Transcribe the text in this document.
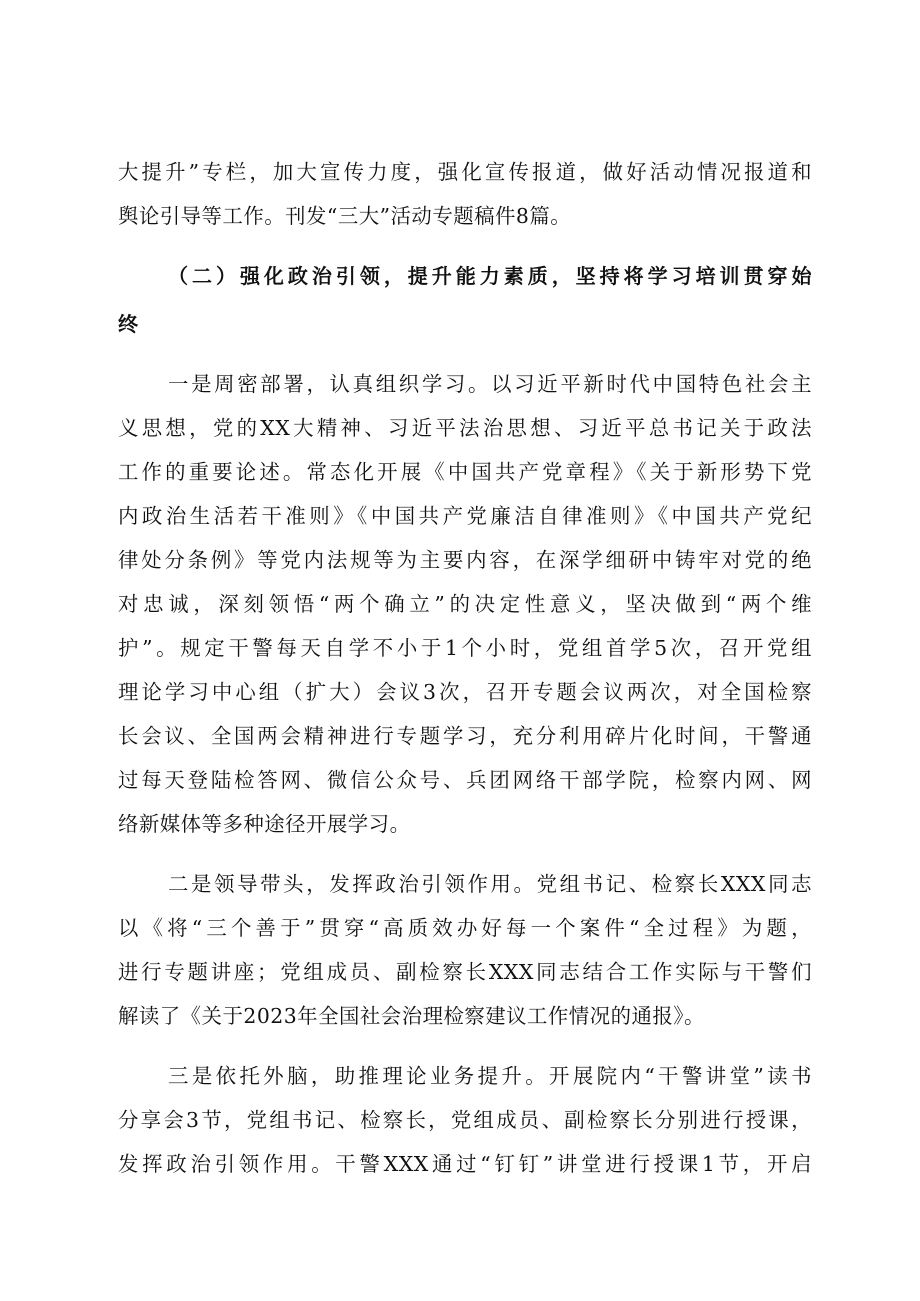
大提升”专栏，加大宣传力度，强化宣传报道，做好活动情况报道和
舆论引导等工作。刊发“三大”活动专题稿件8篇。
（二）强化政治引领，提升能力素质，坚持将学习培训贯穿始
终
一是周密部署，认真组织学习。以习近平新时代中国特色社会主
义思想，党的XX大精神、习近平法治思想、习近平总书记关于政法
工作的重要论述。常态化开展《中国共产党章程》《关于新形势下党
内政治生活若干准则》《中国共产党廉洁自律准则》《中国共产党纪
律处分条例》等党内法规等为主要内容，在深学细研中铸牢对党的绝
对忠诚，深刻领悟“两个确立”的决定性意义，坚决做到“两个维
护”。规定干警每天自学不小于1个小时，党组首学5次，召开党组
理论学习中心组（扩大）会议3次，召开专题会议两次，对全国检察
长会议、全国两会精神进行专题学习，充分利用碎片化时间，干警通
过每天登陆检答网、微信公众号、兵团网络干部学院，检察内网、网
络新媒体等多种途径开展学习。
二是领导带头，发挥政治引领作用。党组书记、检察长XXX同志
以《将“三个善于”贯穿“高质效办好每一个案件“全过程》为题，
进行专题讲座；党组成员、副检察长XXX同志结合工作实际与干警们
解读了《关于2023年全国社会治理检察建议工作情况的通报》。
三是依托外脑，助推理论业务提升。开展院内“干警讲堂”读书
分享会3节，党组书记、检察长，党组成员、副检察长分别进行授课，
发挥政治引领作用。干警XXX通过“钉钉”讲堂进行授课1节，开启
